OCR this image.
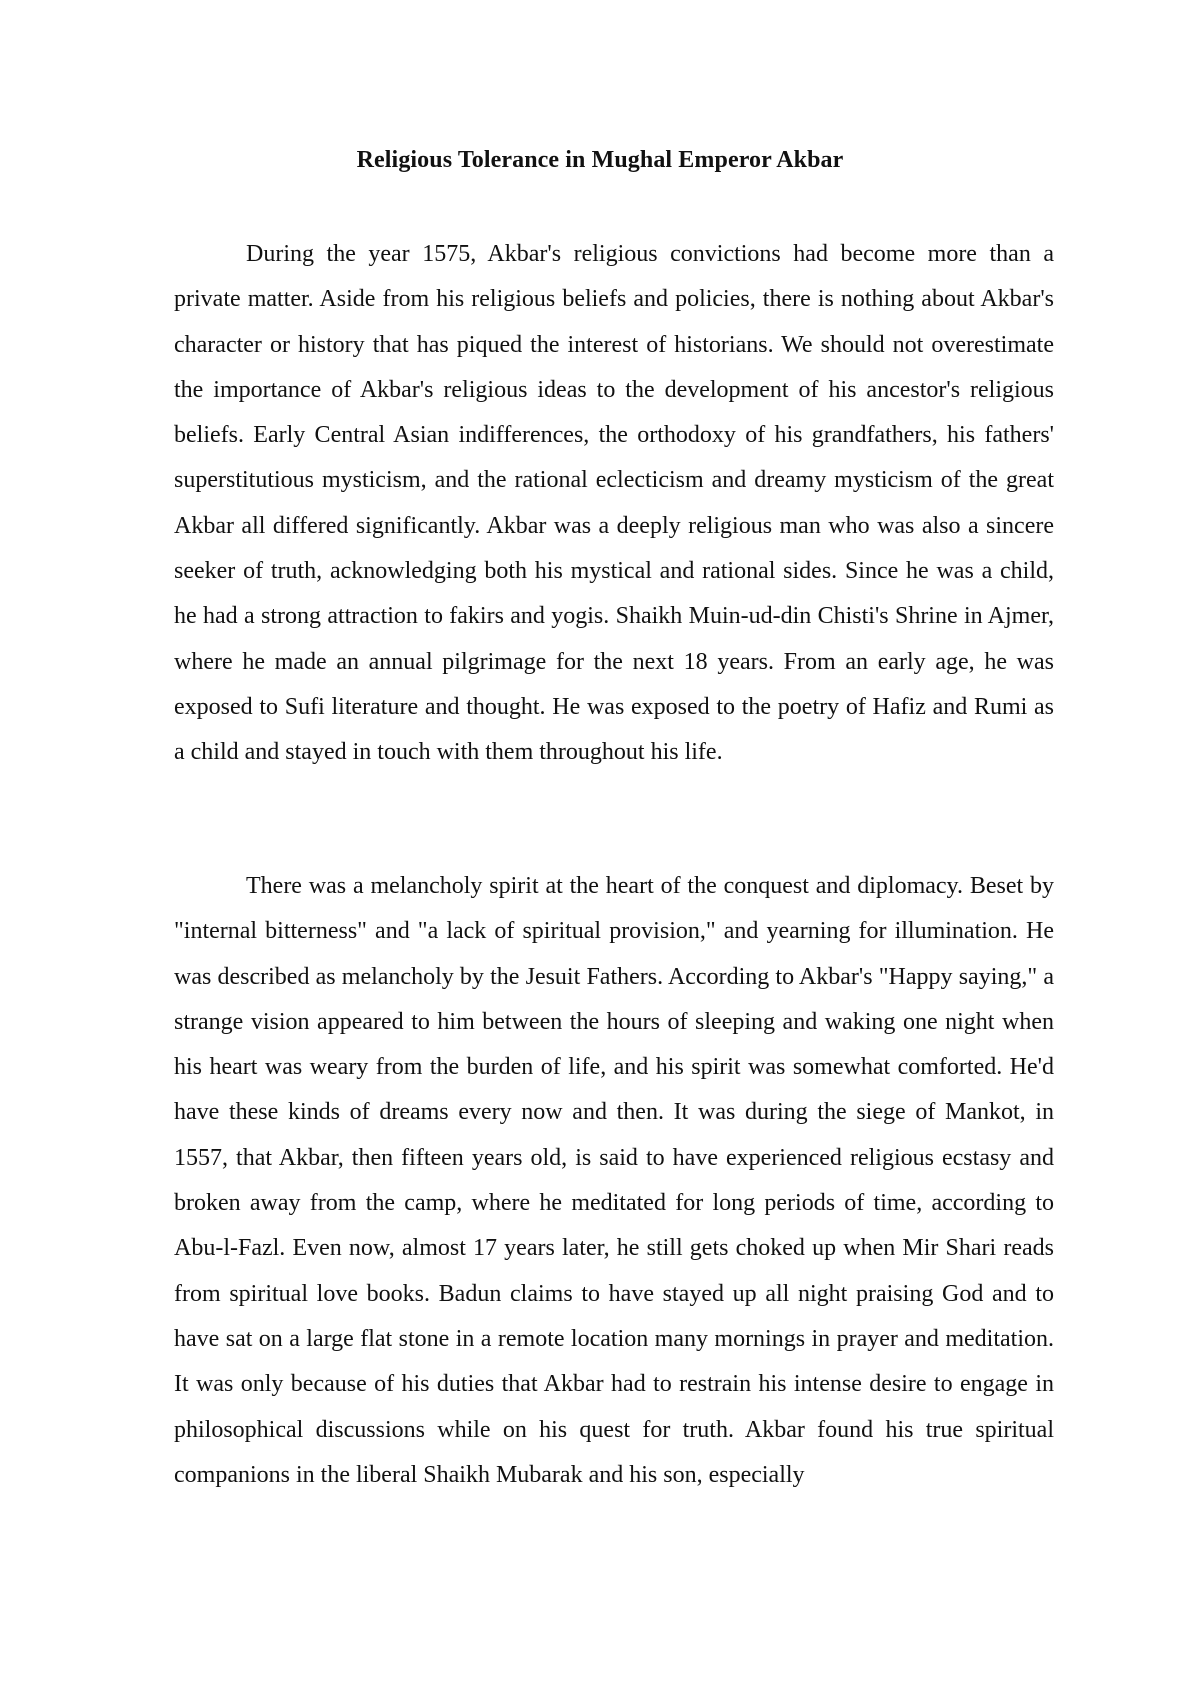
Religious Tolerance in Mughal Emperor Akbar

During the year 1575, Akbar's religious convictions had become more than a private matter. Aside from his religious beliefs and policies, there is nothing about Akbar's character or history that has piqued the interest of historians. We should not overestimate the importance of Akbar's religious ideas to the development of his ancestor's religious beliefs. Early Central Asian indifferences, the orthodoxy of his grandfathers, his fathers' superstitutious mysticism, and the rational eclecticism and dreamy mysticism of the great Akbar all differed significantly. Akbar was a deeply religious man who was also a sincere seeker of truth, acknowledging both his mystical and rational sides. Since he was a child, he had a strong attraction to fakirs and yogis. Shaikh Muin-ud-din Chisti's Shrine in Ajmer, where he made an annual pilgrimage for the next 18 years. From an early age, he was exposed to Sufi literature and thought. He was exposed to the poetry of Hafiz and Rumi as a child and stayed in touch with them throughout his life.

There was a melancholy spirit at the heart of the conquest and diplomacy. Beset by "internal bitterness" and "a lack of spiritual provision," and yearning for illumination. He was described as melancholy by the Jesuit Fathers. According to Akbar's "Happy saying," a strange vision appeared to him between the hours of sleeping and waking one night when his heart was weary from the burden of life, and his spirit was somewhat comforted. He'd have these kinds of dreams every now and then. It was during the siege of Mankot, in 1557, that Akbar, then fifteen years old, is said to have experienced religious ecstasy and broken away from the camp, where he meditated for long periods of time, according to Abu-l-Fazl. Even now, almost 17 years later, he still gets choked up when Mir Shari reads from spiritual love books. Badun claims to have stayed up all night praising God and to have sat on a large flat stone in a remote location many mornings in prayer and meditation. It was only because of his duties that Akbar had to restrain his intense desire to engage in philosophical discussions while on his quest for truth. Akbar found his true spiritual companions in the liberal Shaikh Mubarak and his son, especially
